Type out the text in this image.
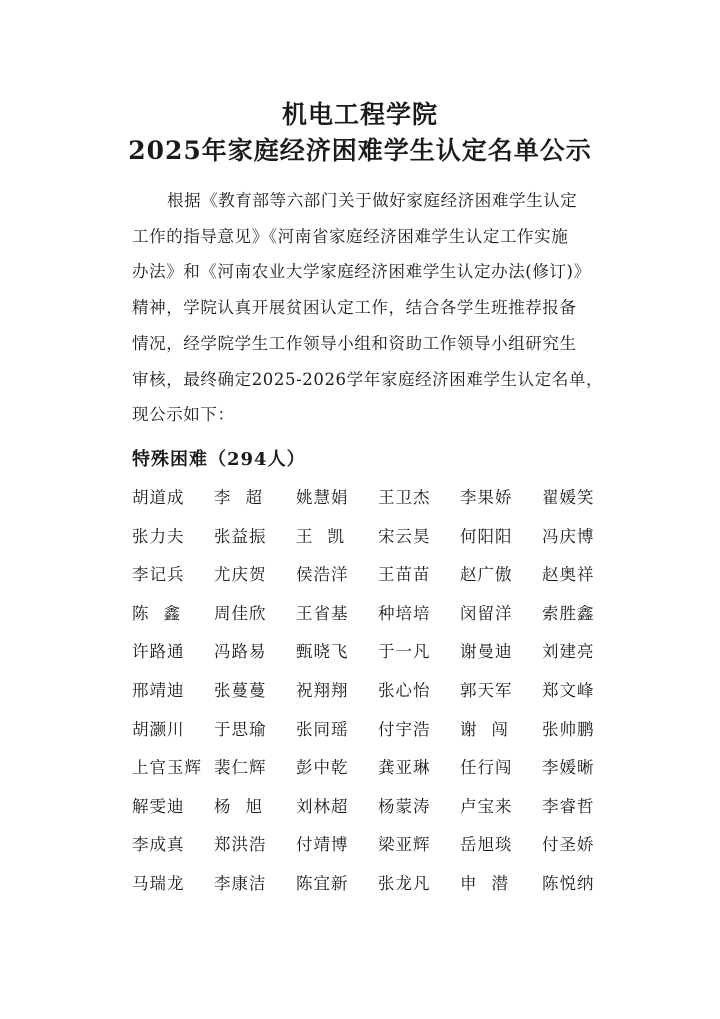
机电工程学院
2025年家庭经济困难学生认定名单公示
根据《教育部等六部门关于做好家庭经济困难学生认定
工作的指导意见》《河南省家庭经济困难学生认定工作实施
办法》和《河南农业大学家庭经济困难学生认定办法(修订)》
精神，学院认真开展贫困认定工作，结合各学生班推荐报备
情况，经学院学生工作领导小组和资助工作领导小组研究生
审核，最终确定2025-2026学年家庭经济困难学生认定名单，
现公示如下：
特殊困难（294人）
胡道成	李超	姚慧娟	王卫杰	李果娇	翟媛笑
张力夫	张益振	王凯	宋云昊	何阳阳	冯庆博
李记兵	尤庆贺	侯浩洋	王苗苗	赵广傲	赵奥祥
陈鑫	周佳欣	王省基	种培培	闵留洋	索胜鑫
许路通	冯路易	甄晓飞	于一凡	谢曼迪	刘建亮
邢靖迪	张蔓蔓	祝翔翔	张心怡	郭天军	郑文峰
胡灏川	于思瑜	张同瑶	付宇浩	谢闯	张帅鹏
上官玉辉 裴仁辉	彭中乾	龚亚琳	任行闯	李媛晰
解雯迪	杨旭	刘林超	杨蒙涛	卢宝来	李睿哲
李成真	郑洪浩	付靖博	梁亚辉	岳旭琰	付圣娇
马瑞龙	李康洁	陈宜新	张龙凡	申潜	陈悦纳
